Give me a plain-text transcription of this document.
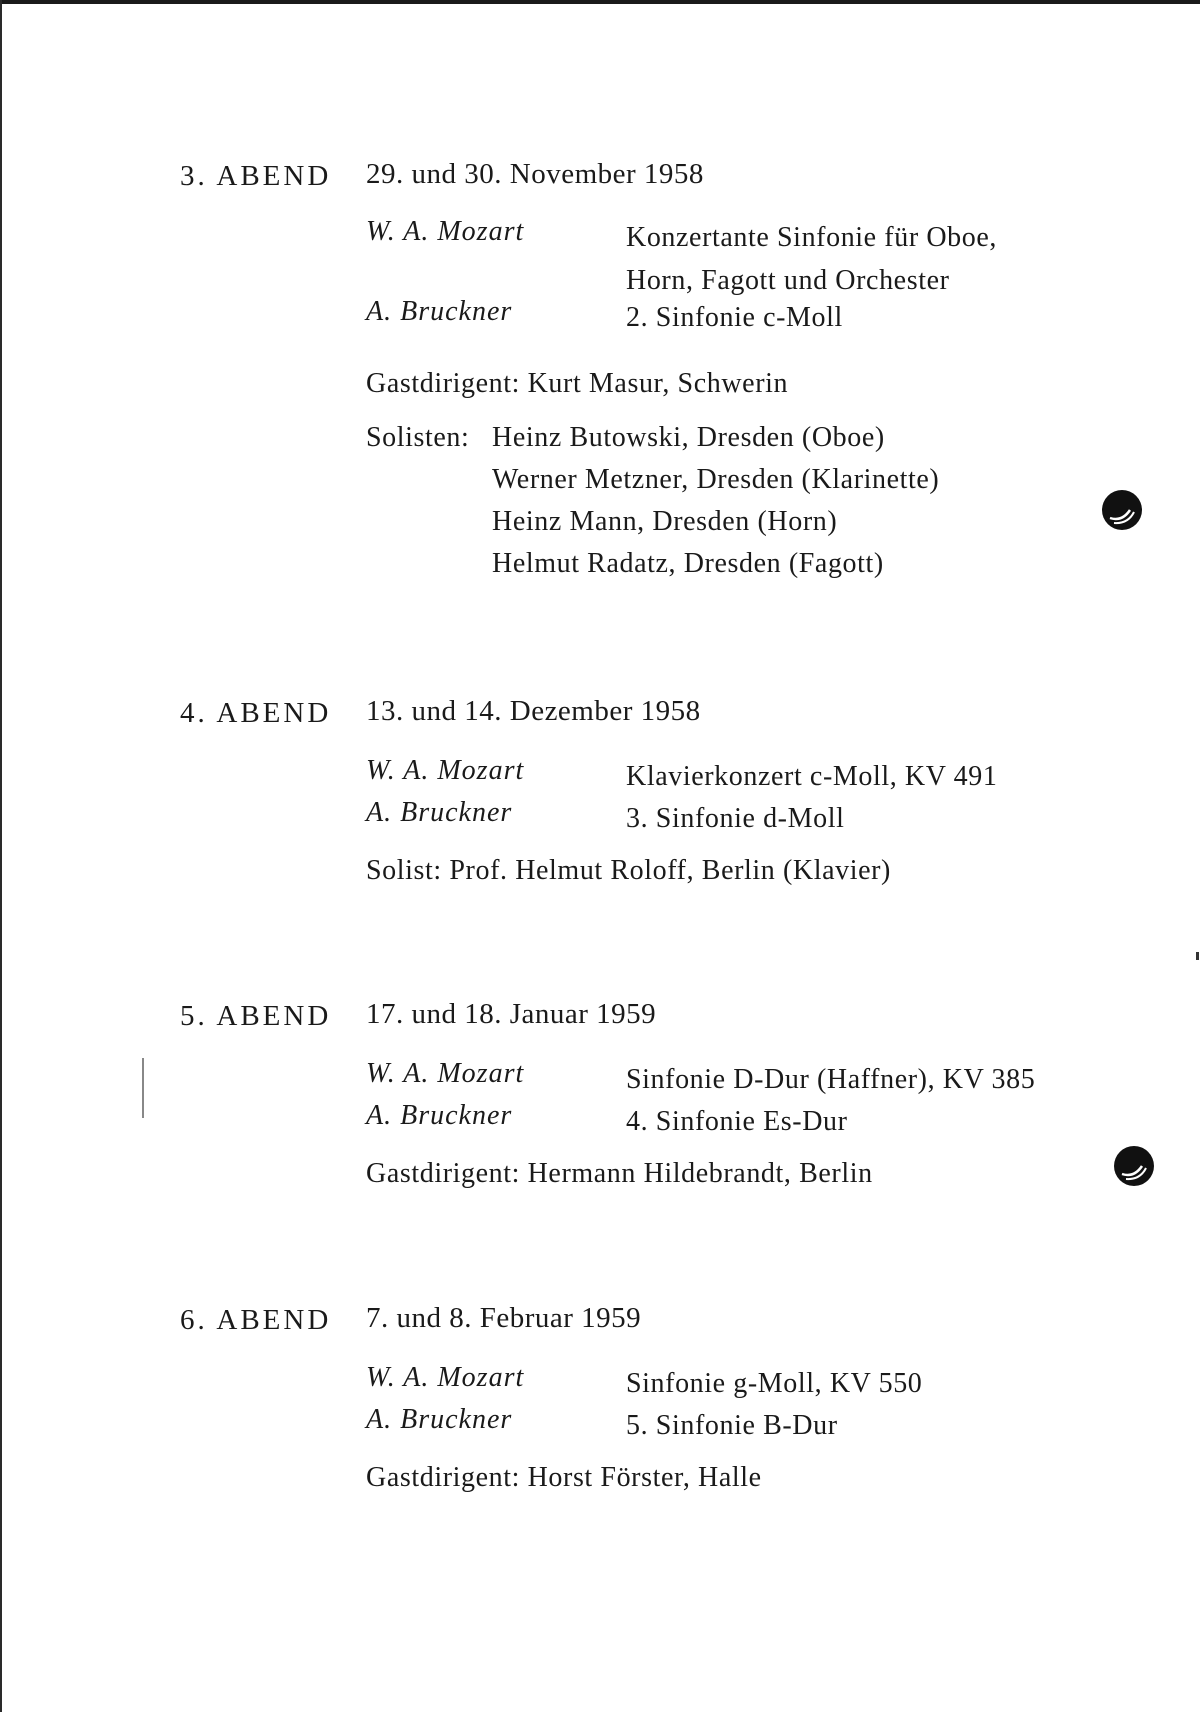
3. ABEND 29. und 30. November 1958
W. A. Mozart	Konzertante Sinfonie für Oboe,
Horn, Fagott und Orchester
A. Bruckner	2. Sinfonie c-Moll
Gastdirigent: Kurt Masur, Schwerin
Solisten: Heinz Butowski, Dresden (Oboe)
Werner Metzner, Dresden (Klarinette)
Heinz Mann, Dresden (Horn)
Helmut Radatz, Dresden (Fagott)
4. ABEND 13. und 14. Dezember 1958
W. A. Mozart	Klavierkonzert c-Moll, KV 491
A. Bruckner	3. Sinfonie d-Moll
Solist: Prof. Helmut Roloff, Berlin (Klavier)
5. ABEND 17. und 18. Januar 1959
W. A. Mozart	Sinfonie D-Dur (Haffner), KV 385
A. Bruckner	4. Sinfonie Es-Dur
Gastdirigent: Hermann Hildebrandt, Berlin
6. ABEND 7. und 8. Februar 1959
W. A. Mozart	Sinfonie g-Moll, KV 550
A. Bruckner	5. Sinfonie B-Dur
Gastdirigent: Horst Förster, Halle
